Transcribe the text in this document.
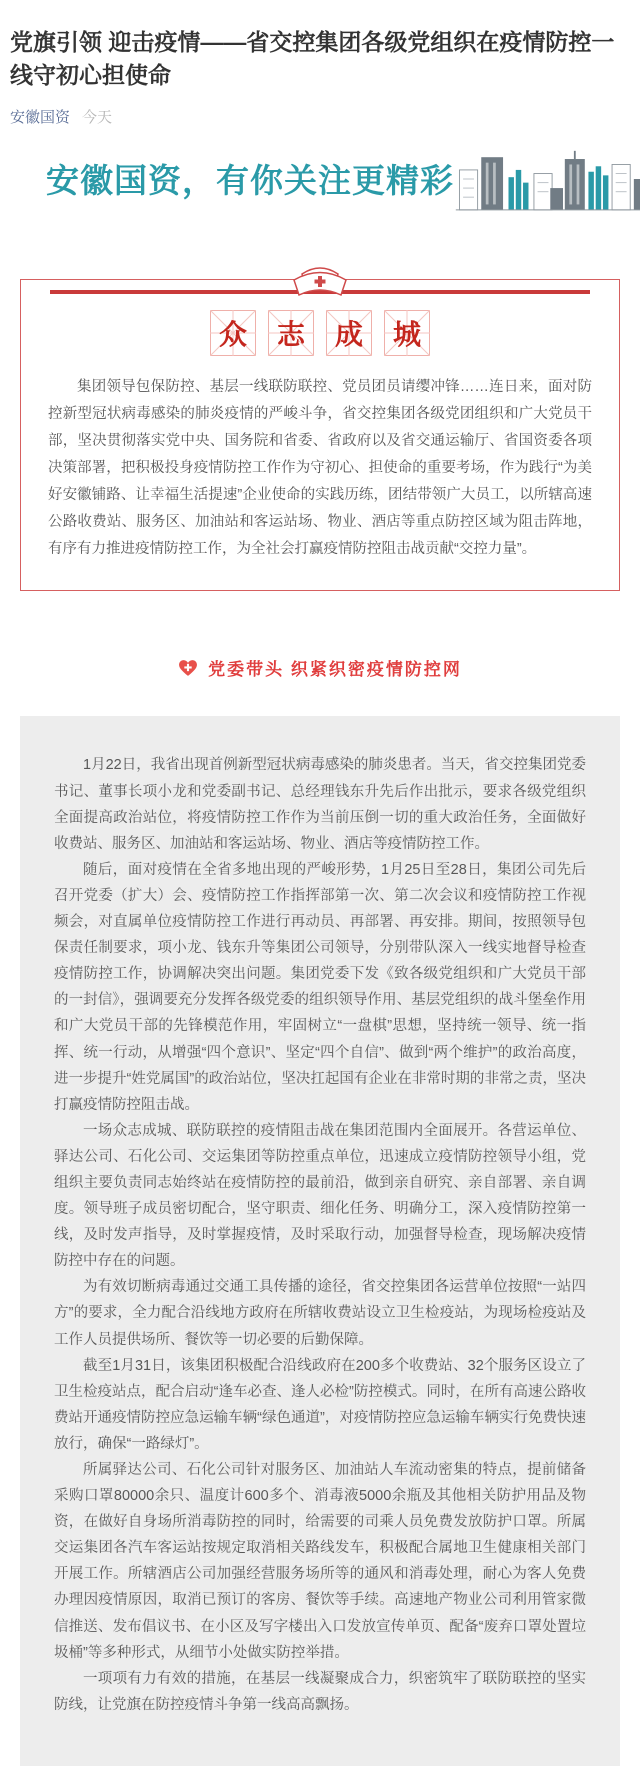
党旗引领 迎击疫情——省交控集团各级党组织在疫情防控一线守初心担使命
安徽国资 今天
安徽国资，有你关注更精彩
众	志	成	城

集团领导包保防控、基层一线联防联控、党员团员请缨冲锋……连日来，面对防控新型冠状病毒感染的肺炎疫情的严峻斗争，省交控集团各级党团组织和广大党员干部，坚决贯彻落实党中央、国务院和省委、省政府以及省交通运输厅、省国资委各项决策部署，把积极投身疫情防控工作作为守初心、担使命的重要考场，作为践行“为美好安徽铺路、让幸福生活提速”企业使命的实践历练，团结带领广大员工，以所辖高速公路收费站、服务区、加油站和客运站场、物业、酒店等重点防控区域为阻击阵地，有序有力推进疫情防控工作，为全社会打赢疫情防控阻击战贡献“交控力量”。

党委带头 织紧织密疫情防控网

1月22日，我省出现首例新型冠状病毒感染的肺炎患者。当天，省交控集团党委书记、董事长项小龙和党委副书记、总经理钱东升先后作出批示，要求各级党组织全面提高政治站位，将疫情防控工作作为当前压倒一切的重大政治任务，全面做好收费站、服务区、加油站和客运站场、物业、酒店等疫情防控工作。

随后，面对疫情在全省多地出现的严峻形势，1月25日至28日，集团公司先后召开党委（扩大）会、疫情防控工作指挥部第一次、第二次会议和疫情防控工作视频会，对直属单位疫情防控工作进行再动员、再部署、再安排。期间，按照领导包保责任制要求，项小龙、钱东升等集团公司领导，分别带队深入一线实地督导检查疫情防控工作，协调解决突出问题。集团党委下发《致各级党组织和广大党员干部的一封信》，强调要充分发挥各级党委的组织领导作用、基层党组织的战斗堡垒作用和广大党员干部的先锋模范作用，牢固树立“一盘棋”思想，坚持统一领导、统一指挥、统一行动，从增强“四个意识”、坚定“四个自信”、做到“两个维护”的政治高度，进一步提升“姓党属国”的政治站位，坚决扛起国有企业在非常时期的非常之责，坚决打赢疫情防控阻击战。

一场众志成城、联防联控的疫情阻击战在集团范围内全面展开。各营运单位、驿达公司、石化公司、交运集团等防控重点单位，迅速成立疫情防控领导小组，党组织主要负责同志始终站在疫情防控的最前沿，做到亲自研究、亲自部署、亲自调度。领导班子成员密切配合，坚守职责、细化任务、明确分工，深入疫情防控第一线，及时发声指导，及时掌握疫情，及时采取行动，加强督导检查，现场解决疫情防控中存在的问题。

为有效切断病毒通过交通工具传播的途径，省交控集团各运营单位按照“一站四方”的要求，全力配合沿线地方政府在所辖收费站设立卫生检疫站，为现场检疫站及工作人员提供场所、餐饮等一切必要的后勤保障。

截至1月31日，该集团积极配合沿线政府在200多个收费站、32个服务区设立了卫生检疫站点，配合启动“逢车必查、逢人必检”防控模式。同时，在所有高速公路收费站开通疫情防控应急运输车辆“绿色通道”，对疫情防控应急运输车辆实行免费快速放行，确保“一路绿灯”。

所属驿达公司、石化公司针对服务区、加油站人车流动密集的特点，提前储备采购口罩80000余只、温度计600多个、消毒液5000余瓶及其他相关防护用品及物资，在做好自身场所消毒防控的同时，给需要的司乘人员免费发放防护口罩。所属交运集团各汽车客运站按规定取消相关路线发车，积极配合属地卫生健康相关部门开展工作。所辖酒店公司加强经营服务场所等的通风和消毒处理，耐心为客人免费办理因疫情原因，取消已预订的客房、餐饮等手续。高速地产物业公司利用管家微信推送、发布倡议书、在小区及写字楼出入口发放宣传单页、配备“废弃口罩处置垃圾桶”等多种形式，从细节小处做实防控举措。

一项项有力有效的措施，在基层一线凝聚成合力，织密筑牢了联防联控的坚实防线，让党旗在防控疫情斗争第一线高高飘扬。
